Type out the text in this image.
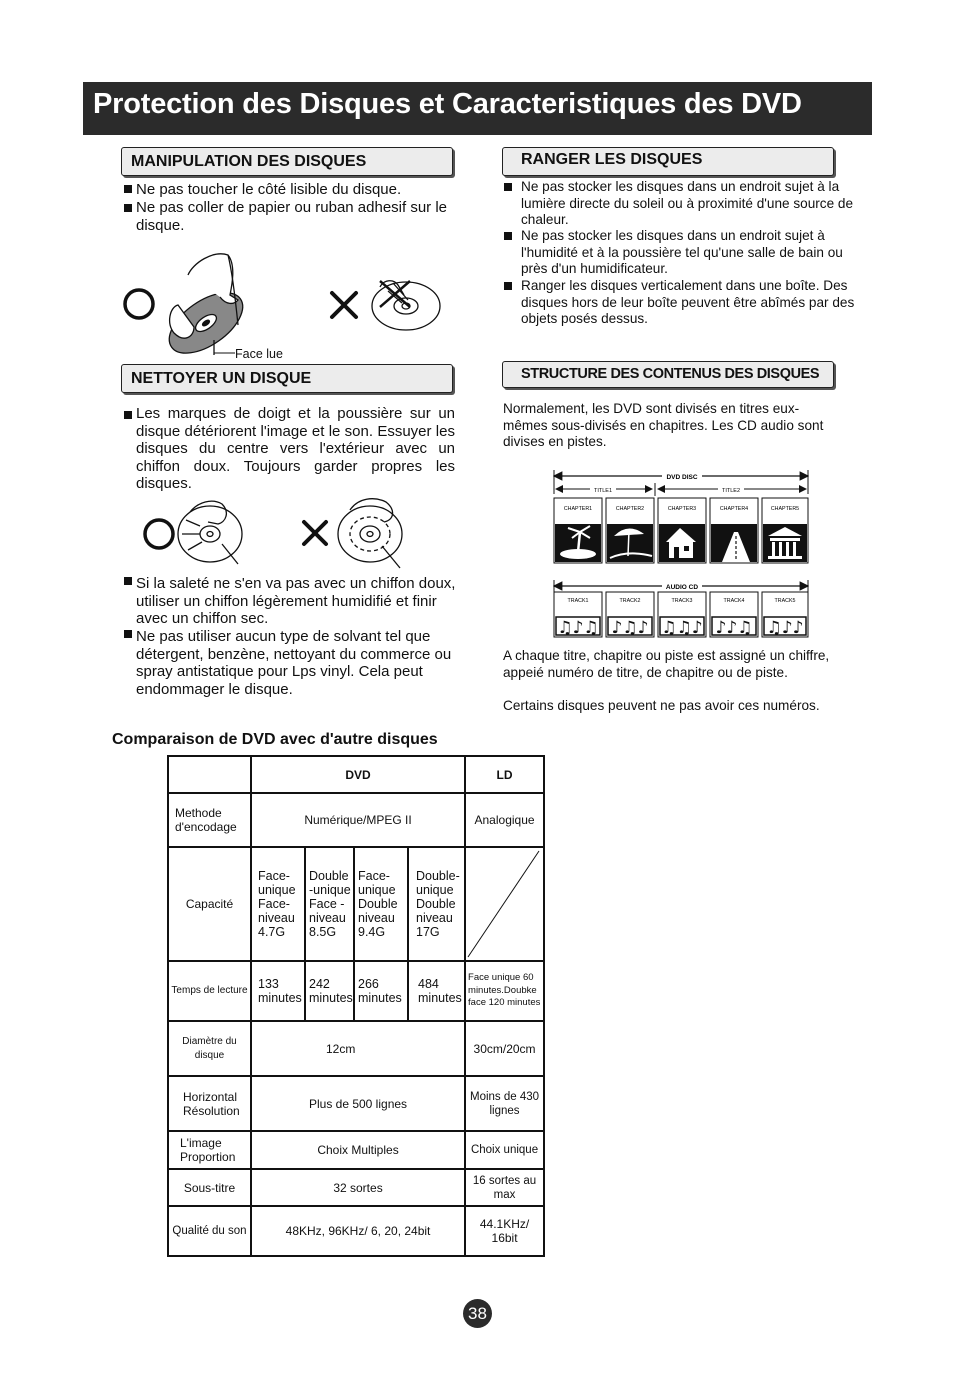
Protection des Disques et Caracteristiques des DVD
MANIPULATION DES DISQUES
Ne pas toucher le côté lisible du disque.
Ne pas coller de papier ou ruban adhesif sur le disque.
Face lue
NETTOYER UN DISQUE
Les marques de doigt et la poussière sur un disque détériorent l'image et le son. Essuyer les disques du centre vers l'extérieur avec un chiffon doux. Toujours garder propres les disques.
Si la saleté ne s'en va pas avec un chiffon doux, utiliser un chiffon légèrement humidifié et finir avec un chiffon sec.
Ne pas utiliser aucun type de solvant tel que détergent, benzène, nettoyant du commerce ou spray antistatique pour Lps vinyl. Cela peut endommager le disque.
RANGER LES DISQUES
Ne pas stocker les disques dans un endroit sujet à la lumière directe du soleil ou à proximité d'une source de chaleur.
Ne pas stocker les disques dans un endroit sujet à l'humidité et à la poussière tel qu'une salle de bain ou près d'un humidificateur.
Ranger les disques verticalement dans une boîte. Des disques hors de leur boîte peuvent être abîmés par des objets posés dessus.
STRUCTURE DES CONTENUS DES DISQUES
Normalement, les DVD sont divisés en titres eux-mêmes sous-divisés en chapitres. Les CD audio sont divises en pistes.
DVD DISC
TITLE1	TITLE2
CHAPTER1	CHAPTER2	CHAPTER3	CHAPTER4	CHAPTER5
AUDIO CD
TRACK1	TRACK2	TRACK3	TRACK4	TRACK5
♫♪♫ ♪♫♪ ♫♫♪ ♪♪♫ ♫♪♪
A chaque titre, chapitre ou piste est assigné un chiffre, appeié numéro de titre, de chapitre ou de piste.
Certains disques peuvent ne pas avoir ces numéros.
Comparaison de DVD avec d'autre disques
	DVD				LD
Methode d'encodage	Numérique/MPEG II				Analogique
Capacité	Face- unique Face- niveau 4.7G	Double -unique Face -niveau 8.5G	Face- unique Double niveau 9.4G	Double- unique Double niveau 17G	

Temps de lecture	133 minutes	242 minutes	266 minutes	484 minutes	Face unique 60 minutes.Doubke face 120 minutes
Diamètre du disque	12cm				30cm/20cm
Horizontal Résolution	Plus de 500 lignes				Moins de 430 lignes
L'image Proportion	Choix Multiples				Choix unique
Sous-titre	32 sortes				16 sortes au max
Qualité du son	48KHz, 96KHz/ 6, 20, 24bit				44.1KHz/ 16bit
38
